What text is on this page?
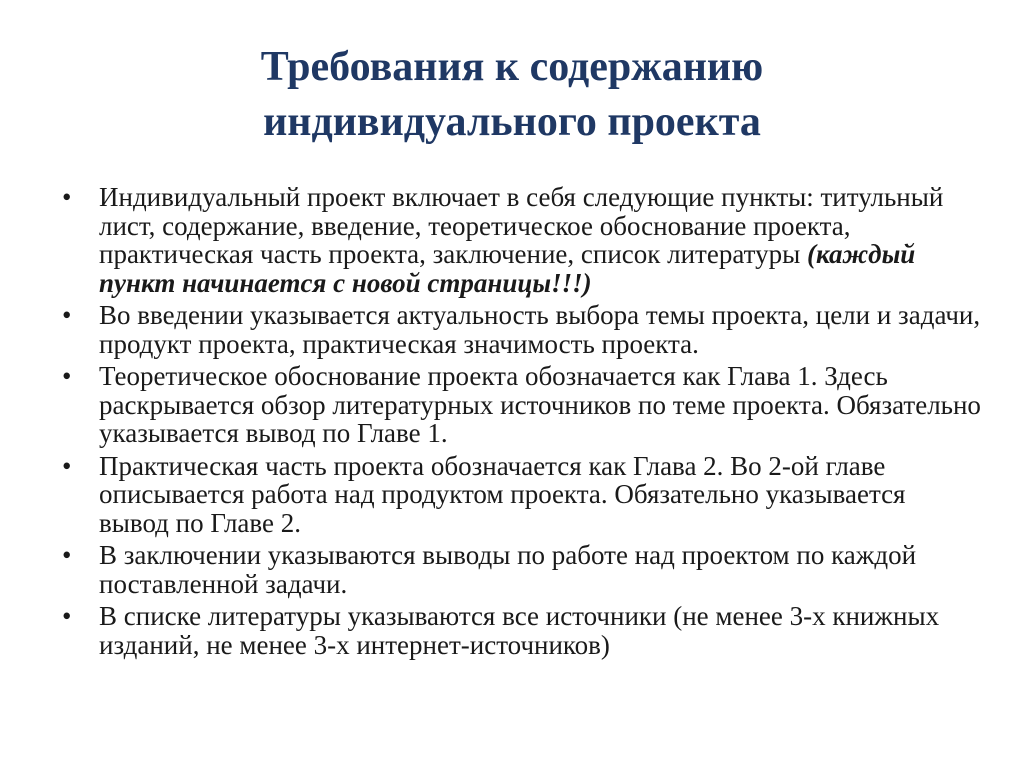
Требования к содержанию
индивидуального проекта
• Индивидуальный проект включает в себя следующие пункты: титульный лист, содержание, введение, теоретическое обоснование проекта, практическая часть проекта, заключение, список литературы (каждый пункт начинается с новой страницы!!!)
• Во введении указывается актуальность выбора темы проекта, цели и задачи, продукт проекта, практическая значимость проекта.
• Теоретическое обоснование проекта обозначается как Глава 1. Здесь раскрывается обзор литературных источников по теме проекта. Обязательно указывается вывод по Главе 1.
• Практическая часть проекта обозначается как Глава 2. Во 2-ой главе описывается работа над продуктом проекта. Обязательно указывается вывод по Главе 2.
• В заключении указываются выводы по работе над проектом по каждой поставленной задачи.
• В списке литературы указываются все источники (не менее 3-х книжных изданий, не менее 3-х интернет-источников)
